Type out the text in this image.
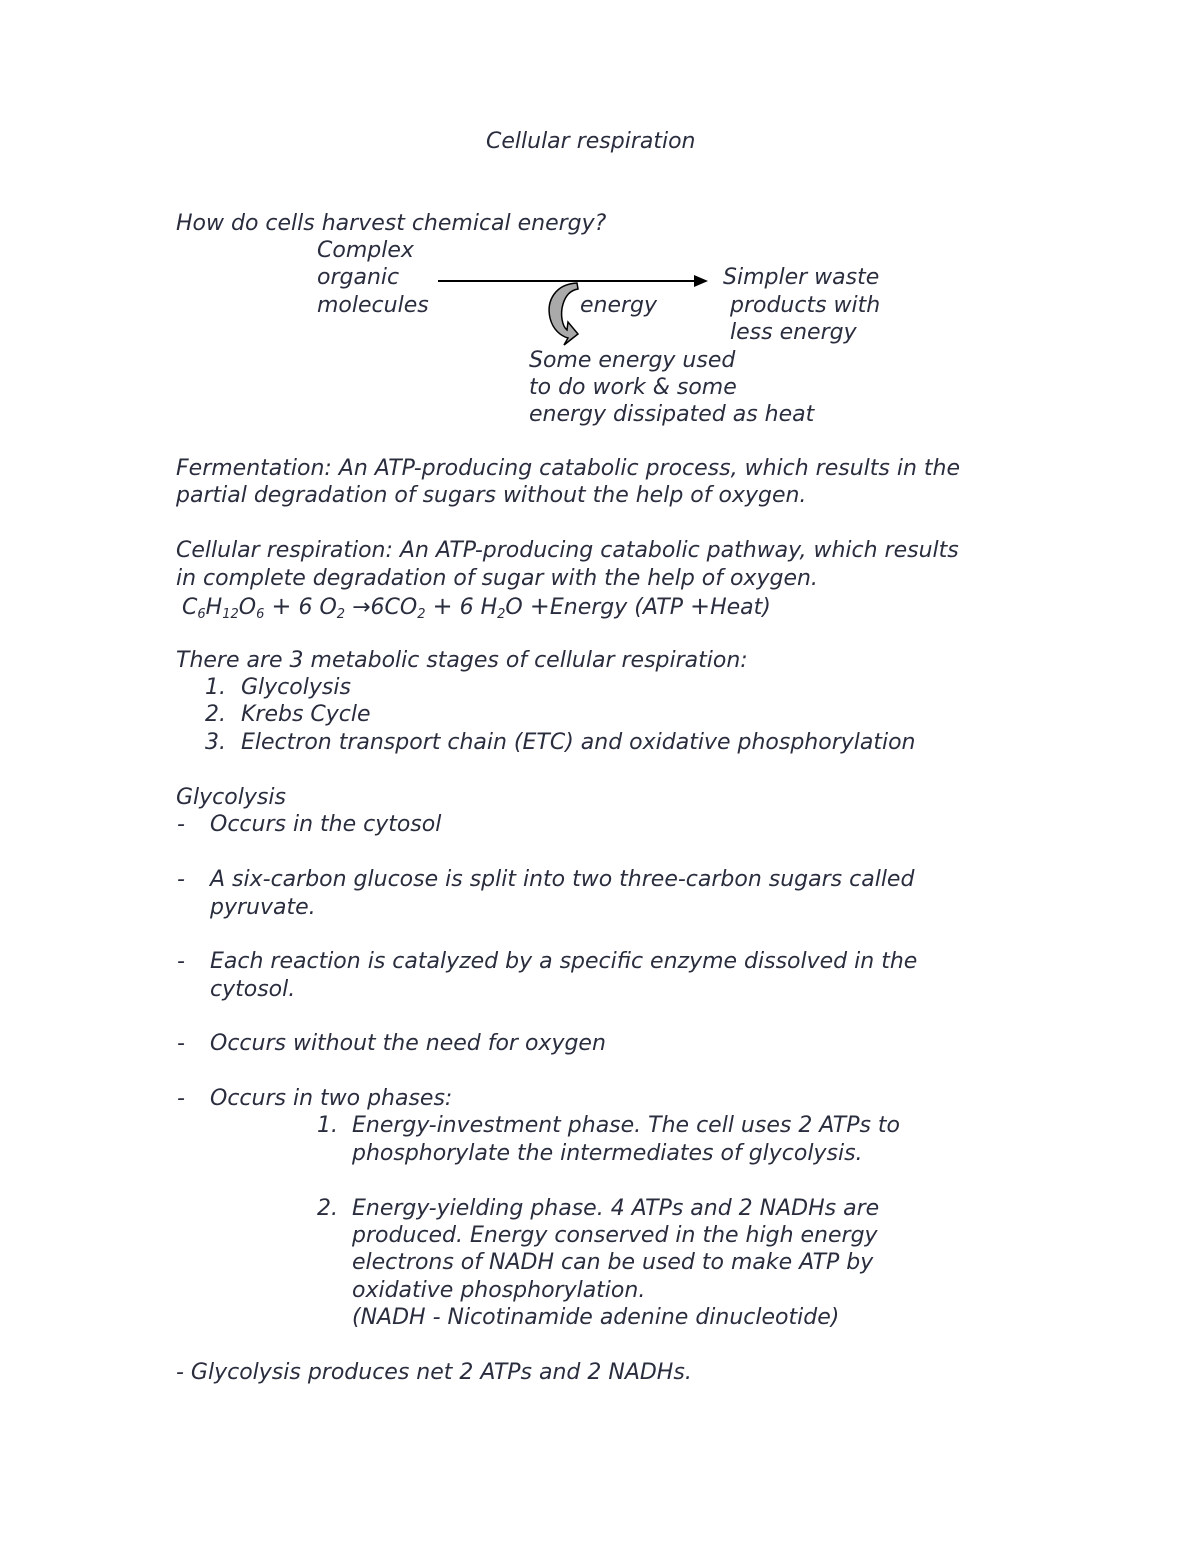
Cellular respiration
How do cells harvest chemical energy?
Complex
organic
molecules
Simpler waste
products with
less energy
energy
Some energy used
to do work & some
energy dissipated as heat
Fermentation: An ATP-producing catabolic process, which results in the
partial degradation of sugars without the help of oxygen.
Cellular respiration: An ATP-producing catabolic pathway, which results
in complete degradation of sugar with the help of oxygen.
$C_6H_{12}O_6 + 6$ $O_2 \to 6CO_2 + 6$ $H_2O$ +Energy (ATP +Heat)
There are 3 metabolic stages of cellular respiration:
1. Glycolysis
2. Krebs Cycle
3. Electron transport chain (ETC) and oxidative phosphorylation
Glycolysis
- Occurs in the cytosol
- A six-carbon glucose is split into two three-carbon sugars called
pyruvate.
- Each reaction is catalyzed by a specific enzyme dissolved in the
cytosol.
- Occurs without the need for oxygen
- Occurs in two phases:
1. Energy-investment phase. The cell uses 2 ATPs to
phosphorylate the intermediates of glycolysis.
2. Energy-yielding phase. 4 ATPs and 2 NADHs are
produced. Energy conserved in the high energy
electrons of NADH can be used to make ATP by
oxidative phosphorylation.
(NADH - Nicotinamide adenine dinucleotide)
- Glycolysis produces net 2 ATPs and 2 NADHs.
